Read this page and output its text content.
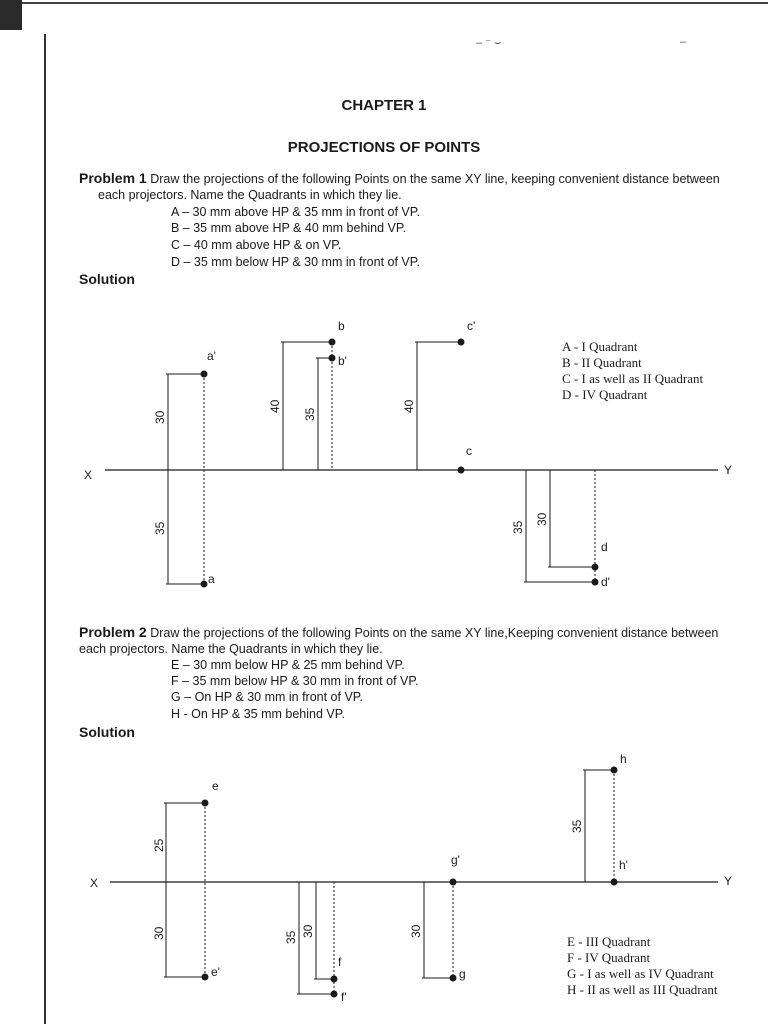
‒ ⁻ ⌣	–
CHAPTER 1
PROJECTIONS OF POINTS
Problem 1 Draw the projections of the following Points on the same XY line, keeping convenient distance between
each projectors. Name the Quadrants in which they lie.
A – 30 mm above HP & 35 mm in front of VP.
B – 35 mm above HP & 40 mm behind VP.
C – 40 mm above HP & on VP.
D – 35 mm below HP & 30 mm in front of VP.
Solution
A - I Quadrant
B - II Quadrant
C - I as well as II Quadrant
D - IV Quadrant
X	Y
a'
a
b
b'
c'
c
d
d'
30
35
40
35
40
35
30
Problem 2 Draw the projections of the following Points on the same XY line,Keeping convenient distance between
each projectors. Name the Quadrants in which they lie.
E – 30 mm below HP & 25 mm behind VP.
F – 35 mm below HP & 30 mm in front of VP.
G – On HP & 30 mm in front of VP.
H - On HP & 35 mm behind VP.
Solution
E - III Quadrant
F - IV Quadrant
G - I as well as IV Quadrant
H - II as well as III Quadrant
X	Y
e
e'
f
f'
g'
g
h
h'
25
30	35 30	30
35
